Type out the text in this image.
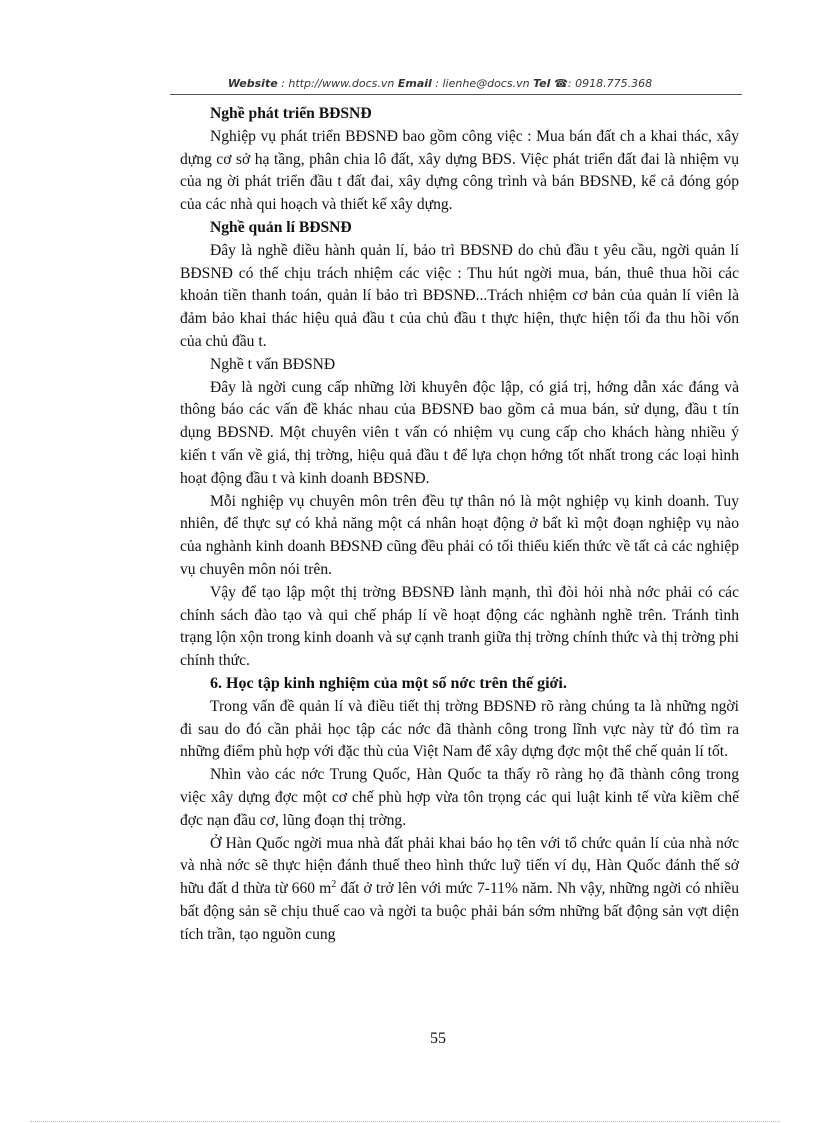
Website : http://www.docs.vn Email : lienhe@docs.vn Tel ☎: 0918.775.368

Nghề phát triển BĐSNĐ

Nghiệp vụ phát triển BĐSNĐ bao gồm công việc : Mua bán đất ch a khai thác, xây dựng cơ sở hạ tầng, phân chia lô đất, xây dựng BĐS. Việc phát triển đất đai là nhiệm vụ của ng ời phát triển đầu t đất đai, xây dựng công trình và bán BĐSNĐ, kể cả đóng góp của các nhà qui hoạch và thiết kế xây dựng.

Nghề quản lí BĐSNĐ

Đây là nghề điều hành quản lí, bảo trì BĐSNĐ do chủ đầu t yêu cầu, ngời quản lí BĐSNĐ có thể chịu trách nhiệm các việc : Thu hút ngời mua, bán, thuê thua hồi các khoản tiền thanh toán, quản lí bảo trì BĐSNĐ...Trách nhiệm cơ bản của quản lí viên là đảm bảo khai thác hiệu quả đầu t của chủ đầu t thực hiện, thực hiện tối đa thu hồi vốn của chủ đầu t.

Nghề t vấn BĐSNĐ

Đây là ngời cung cấp những lời khuyên độc lập, có giá trị, hớng dẫn xác đáng và thông báo các vấn đề khác nhau của BĐSNĐ bao gồm cả mua bán, sử dụng, đầu t tín dụng BĐSNĐ. Một chuyên viên t vấn có nhiệm vụ cung cấp cho khách hàng nhiều ý kiến t vấn về giá, thị trờng, hiệu quả đầu t để lựa chọn hớng tốt nhất trong các loại hình hoạt động đầu t và kinh doanh BĐSNĐ.

Mỗi nghiệp vụ chuyên môn trên đều tự thân nó là một nghiệp vụ kinh doanh. Tuy nhiên, để thực sự có khả năng một cá nhân hoạt động ở bất kì một đoạn nghiệp vụ nào của nghành kinh doanh BĐSNĐ cũng đều phải có tối thiểu kiến thức về tất cả các nghiệp vụ chuyên môn nói trên.

Vậy để tạo lập một thị trờng BĐSNĐ lành mạnh, thì đòi hỏi nhà nớc phải có các chính sách đào tạo và qui chế pháp lí về hoạt động các nghành nghề trên. Tránh tình trạng lộn xộn trong kinh doanh và sự cạnh tranh giữa thị trờng chính thức và thị trờng phi chính thức.

6. Học tập kinh nghiệm của một số nớc trên thế giới.

Trong vấn đề quản lí và điều tiết thị trờng BĐSNĐ rõ ràng chúng ta là những ngời đi sau do đó cần phải học tập các nớc đã thành công trong lĩnh vực này từ đó tìm ra những điểm phù hợp với đặc thù của Việt Nam để xây dựng đợc một thể chế quản lí tốt.

Nhìn vào các nớc Trung Quốc, Hàn Quốc ta thấy rõ ràng họ đã thành công trong việc xây dựng đợc một cơ chế phù hợp vừa tôn trọng các qui luật kinh tế vừa kiềm chế đợc nạn đầu cơ, lũng đoạn thị trờng.

Ở Hàn Quốc ngời mua nhà đất phải khai báo họ tên với tổ chức quản lí của nhà nớc và nhà nớc sẽ thực hiện đánh thuế theo hình thức luỹ tiến ví dụ, Hàn Quốc đánh thế sở hữu đất d thừa từ 660 $m^2$ đất ở trở lên với mức 7-11% năm. Nh vậy, những ngời có nhiều bất động sản sẽ chịu thuế cao và ngời ta buộc phải bán sớm những bất động sản vợt diện tích trần, tạo nguồn cung

55
